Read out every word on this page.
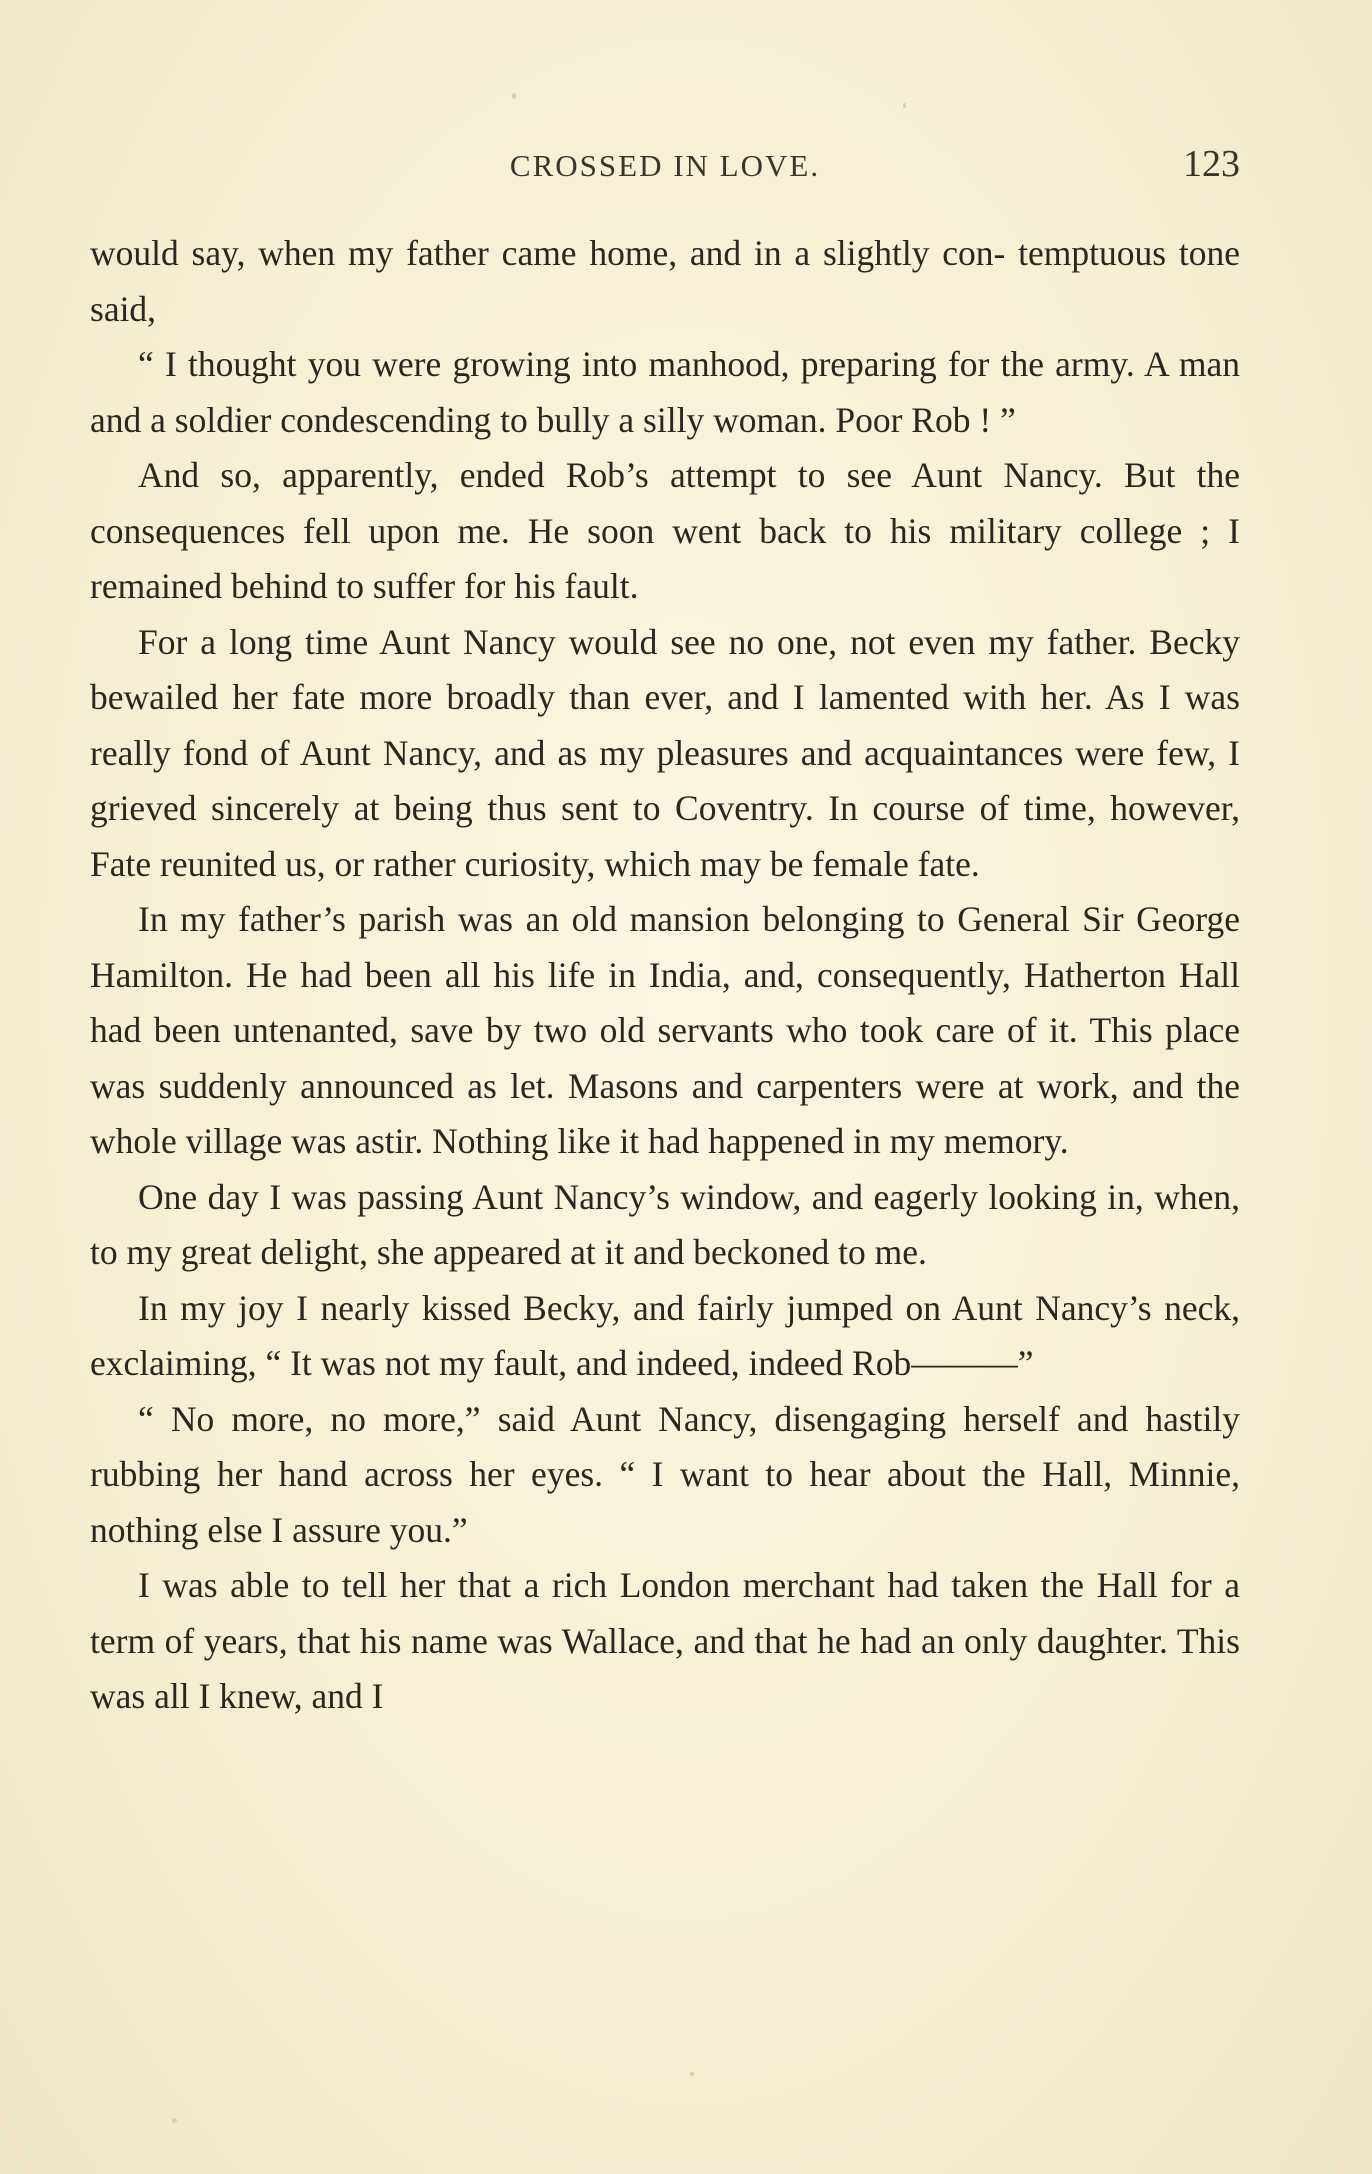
CROSSED IN LOVE.	123

would say, when my father came home, and in a slightly con- temptuous tone said,

“ I thought you were growing into manhood, preparing for the army. A man and a soldier condescending to bully a silly woman. Poor Rob ! ”

And so, apparently, ended Rob’s attempt to see Aunt Nancy. But the consequences fell upon me. He soon went back to his military college ; I remained behind to suffer for his fault.

For a long time Aunt Nancy would see no one, not even my father. Becky bewailed her fate more broadly than ever, and I lamented with her. As I was really fond of Aunt Nancy, and as my pleasures and acquaintances were few, I grieved sincerely at being thus sent to Coventry. In course of time, however, Fate reunited us, or rather curiosity, which may be female fate.

In my father’s parish was an old mansion belonging to General Sir George Hamilton. He had been all his life in India, and, consequently, Hatherton Hall had been untenanted, save by two old servants who took care of it. This place was suddenly announced as let. Masons and carpenters were at work, and the whole village was astir. Nothing like it had happened in my memory.

One day I was passing Aunt Nancy’s window, and eagerly looking in, when, to my great delight, she appeared at it and beckoned to me.

In my joy I nearly kissed Becky, and fairly jumped on Aunt Nancy’s neck, exclaiming, “ It was not my fault, and indeed, indeed Rob———”

“ No more, no more,” said Aunt Nancy, disengaging herself and hastily rubbing her hand across her eyes. “ I want to hear about the Hall, Minnie, nothing else I assure you.”

I was able to tell her that a rich London merchant had taken the Hall for a term of years, that his name was Wallace, and that he had an only daughter. This was all I knew, and I
